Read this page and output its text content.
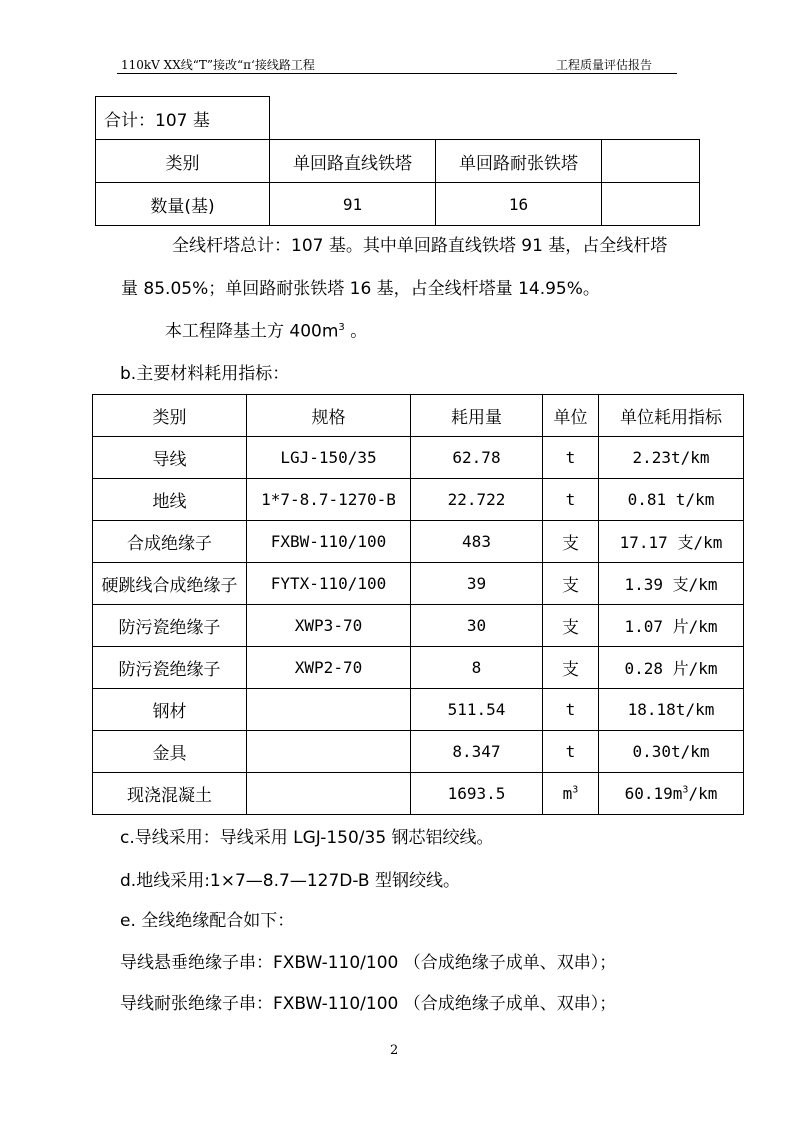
110kV XX线“T”接改“π‘接线路工程	工程质量评估报告
合计：107 基			
类别	单回路直线铁塔	单回路耐张铁塔	
数量(基)	91	16	
全线杆塔总计：107 基。其中单回路直线铁塔 91 基，占全线杆塔
量 85.05%；单回路耐张铁塔 16 基，占全线杆塔量 14.95%。
本工程降基土方 $400m^3$ 。
b.主要材料耗用指标：
类别	规格	耗用量	单位	单位耗用指标
导线	LGJ-150/35	62.78	t	2.23t/km
地线	1*7-8.7-1270-B	22.722	t	0.81 t/km
合成绝缘子	FXBW-110/100	483	支	17.17 支/km
硬跳线合成绝缘子	FYTX-110/100	39	支	1.39 支/km
防污瓷绝缘子	XWP3-70	30	支	1.07 片/km
防污瓷绝缘子	XWP2-70	8	支	0.28 片/km
钢材		511.54	t	18.18t/km
金具		8.347	t	0.30t/km
现浇混凝土		1693.5	$m^3$	$60.19m^3/km$
c.导线采用：导线采用 LGJ-150/35 钢芯铝绞线。
d.地线采用:1×7—8.7—127D-B 型钢绞线。
e. 全线绝缘配合如下：
导线悬垂绝缘子串：FXBW-110/100 （合成绝缘子成单、双串）；
导线耐张绝缘子串：FXBW-110/100 （合成绝缘子成单、双串）；
2
